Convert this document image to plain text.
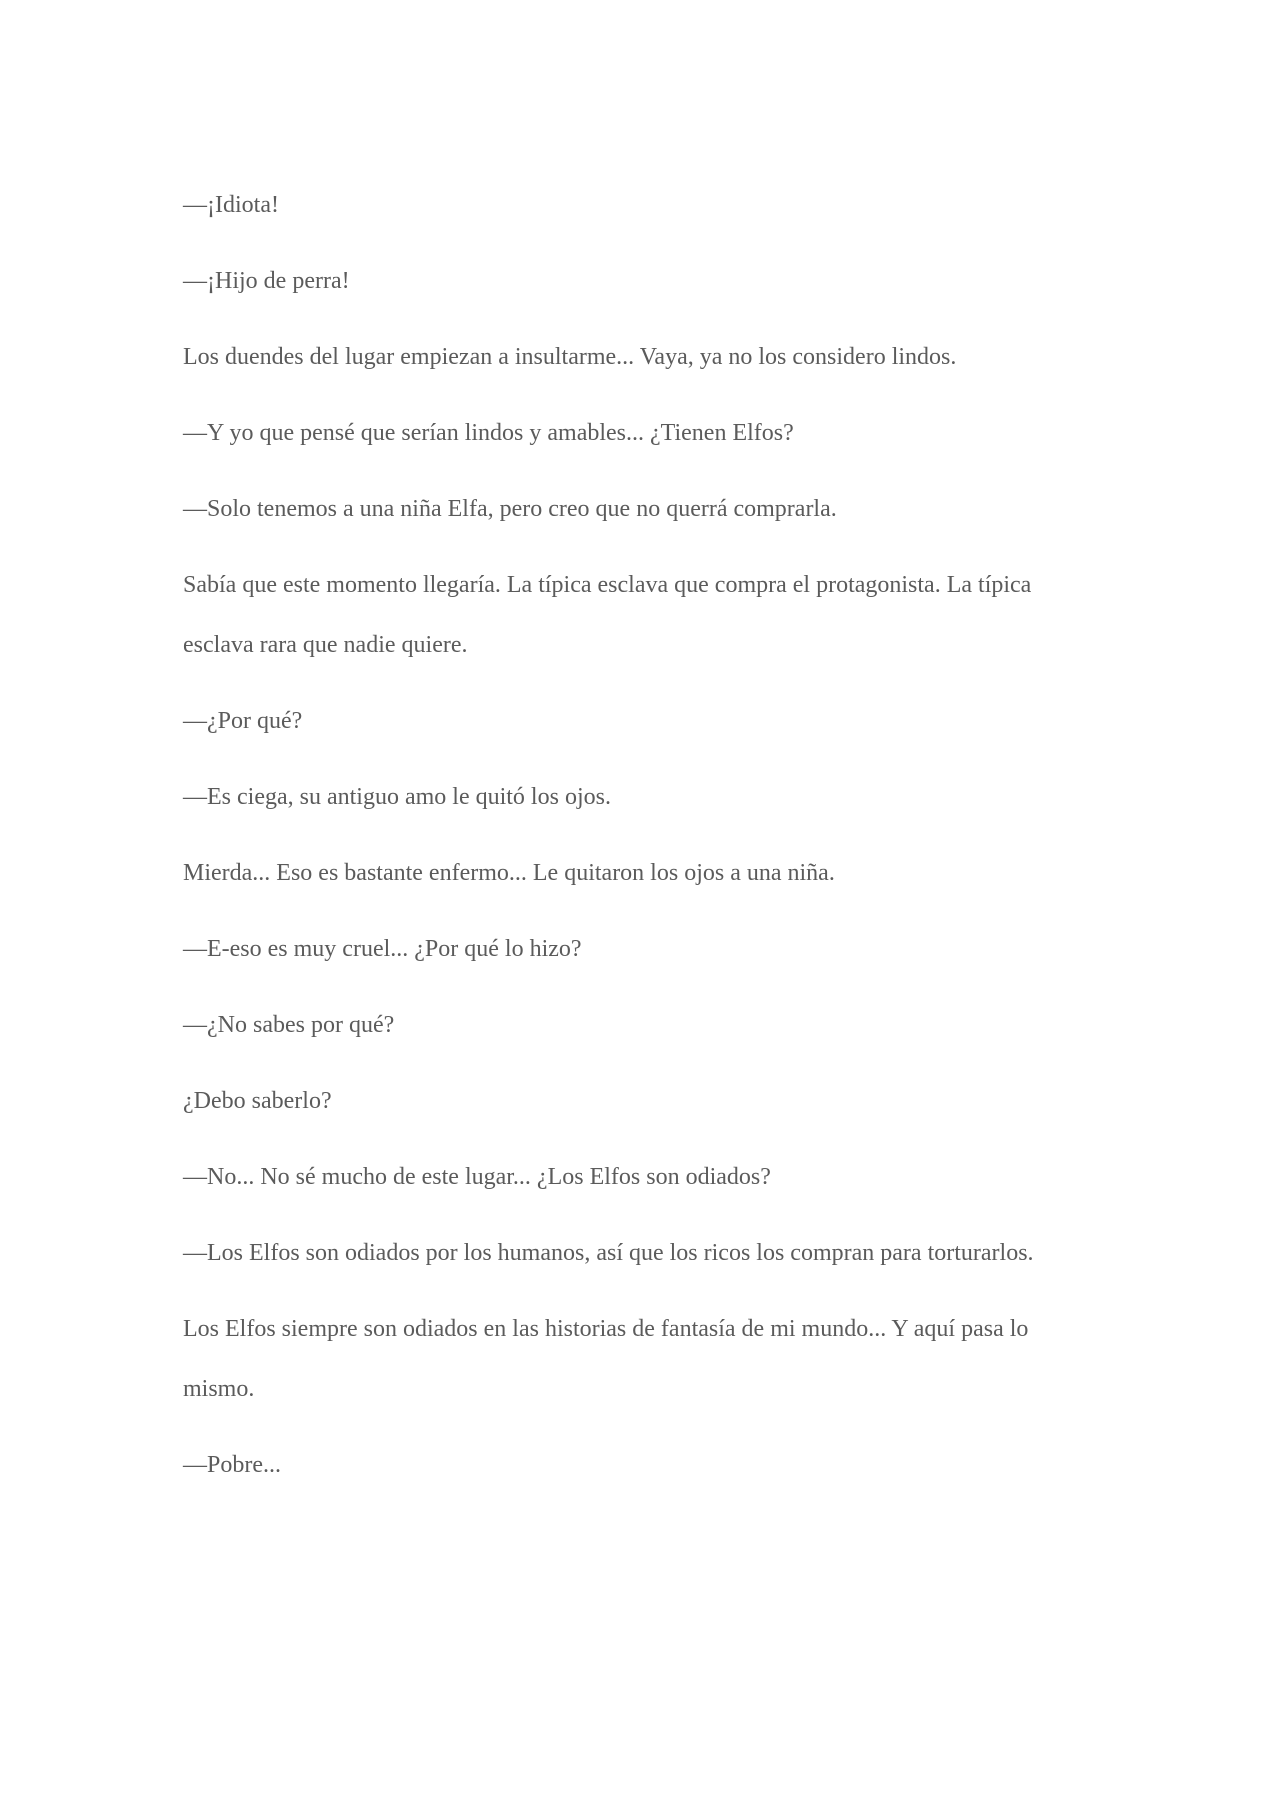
—¡Idiota!

—¡Hijo de perra!

Los duendes del lugar empiezan a insultarme... Vaya, ya no los considero lindos.

—Y yo que pensé que serían lindos y amables... ¿Tienen Elfos?

—Solo tenemos a una niña Elfa, pero creo que no querrá comprarla.

Sabía que este momento llegaría. La típica esclava que compra el protagonista. La típica esclava rara que nadie quiere.

—¿Por qué?

—Es ciega, su antiguo amo le quitó los ojos.

Mierda... Eso es bastante enfermo... Le quitaron los ojos a una niña.

—E-eso es muy cruel... ¿Por qué lo hizo?

—¿No sabes por qué?

¿Debo saberlo?

—No... No sé mucho de este lugar... ¿Los Elfos son odiados?

—Los Elfos son odiados por los humanos, así que los ricos los compran para torturarlos.

Los Elfos siempre son odiados en las historias de fantasía de mi mundo... Y aquí pasa lo mismo.

—Pobre...
